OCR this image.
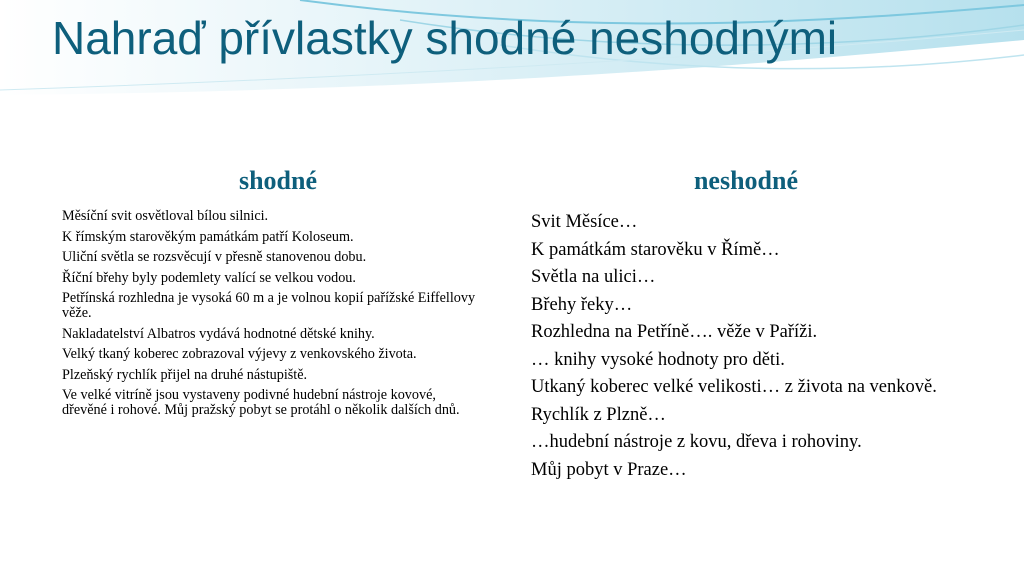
Nahraď přívlastky shodné neshodnými
shodné	neshodné
Měsíční svit osvětloval bílou silnici.
K římským starověkým památkám patří Koloseum.
Uliční světla se rozsvěcují v přesně stanovenou dobu.
Říční břehy byly podemlety valící se velkou vodou.
Petřínská rozhledna je vysoká 60 m a je volnou kopií pařížské Eiffellovy věže.
Nakladatelství Albatros vydává hodnotné dětské knihy.
Velký tkaný koberec zobrazoval výjevy z venkovského života.
Plzeňský rychlík přijel na druhé nástupiště.
Ve velké vitríně jsou vystaveny podivné hudební nástroje kovové, dřevěné i rohové. Můj pražský pobyt se protáhl o několik dalších dnů.
Svit Měsíce…
K památkám starověku v Římě…
Světla na ulici…
Břehy řeky…
Rozhledna na Petříně…. věže v Paříži.
… knihy vysoké hodnoty pro děti.
Utkaný koberec velké velikosti… z života na venkově.
Rychlík z Plzně…
…hudební nástroje z kovu, dřeva i rohoviny.
Můj pobyt v Praze…
